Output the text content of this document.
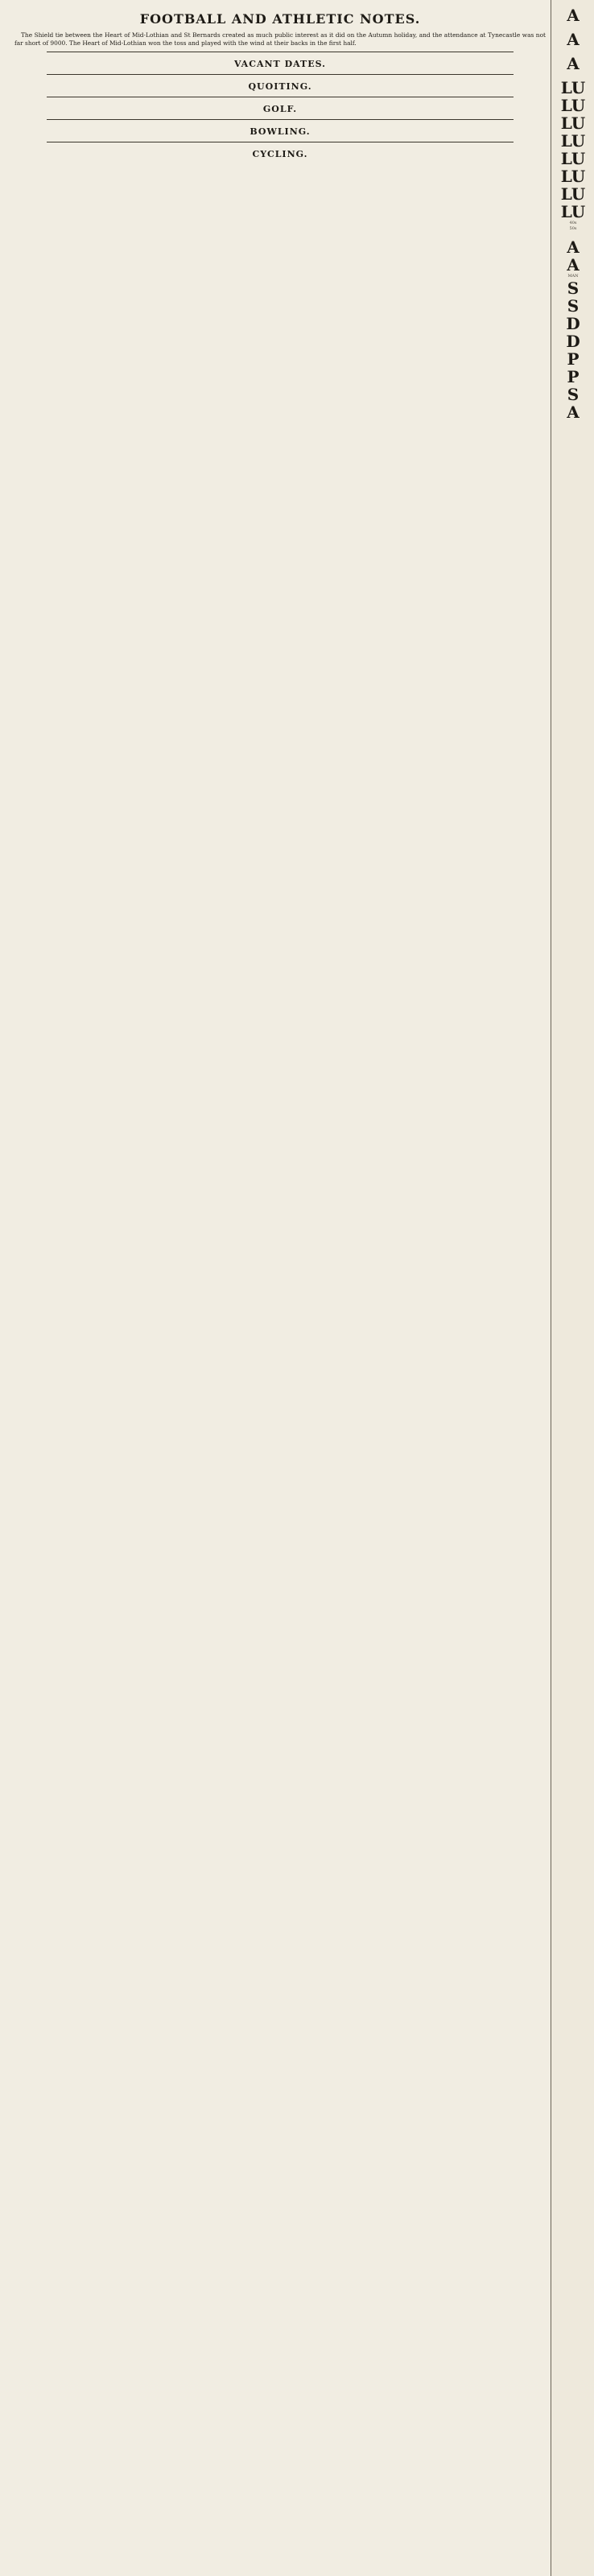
FOOTBALL AND ATHLETIC NOTES.
The Shield tie between the Heart of Mid-Lothian and St Bernards created as much public interest as it did on the Autumn holiday, and the attendance at Tynecastle was not far short of 9000. The Heart of Mid-Lothian won the toss and played with the wind at their backs in the first half.
VACANT DATES.
QUOITING.
GOLF.
BOWLING.
CYCLING.
A
A
A
LU
LU
LU
LU
LU
LU
LU
LU
40s
50s
A
A
MAN
S
S
D
D
P
P
S
A
